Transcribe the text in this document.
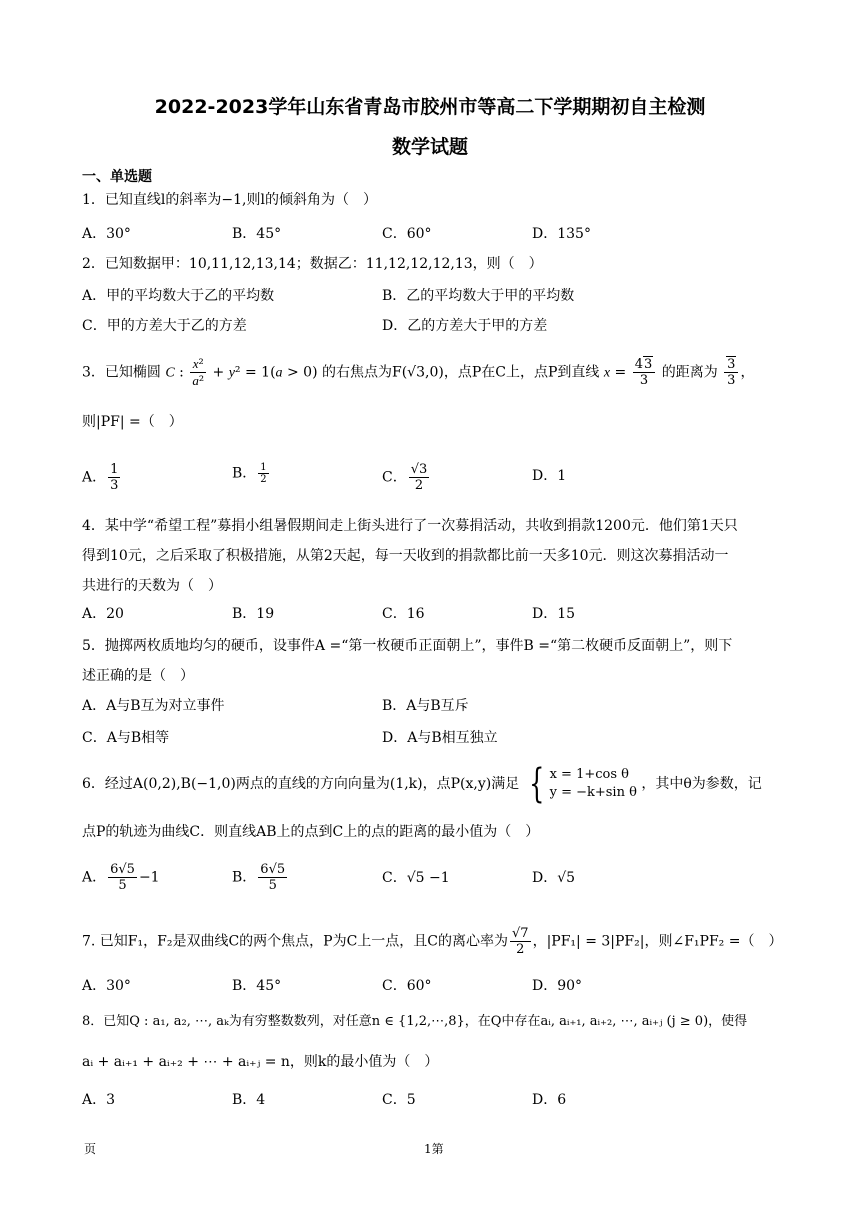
2022-2023学年山东省青岛市胶州市等高二下学期期初自主检测
数学试题
一、单选题
1．已知直线l的斜率为−1,则l的倾斜角为（　）
A．30°	B．45°	C．60°	D．135°
2．已知数据甲：10,11,12,13,14；数据乙：11,12,12,12,13，则（　）
A．甲的平均数大于乙的平均数	B．乙的平均数大于甲的平均数
C．甲的方差大于乙的方差	D．乙的方差大于甲的方差
3．已知椭圆 C : $\frac{\text{x²}}{\text{a²}} + y^2 = 1(a > 0)$ 的右焦点为F(√3,0)，点P在C上，点P到直线 $x = \frac{43}{3}$ 的距离为 $\frac{3}{3}$ ，
则|PF| =（　）
A． $\frac{1}{3}$	B． $\frac{1}{2}$	C． $\frac{√3}{2}$	D．1
4．某中学“希望工程”募捐小组暑假期间走上街头进行了一次募捐活动，共收到捐款1200元．他们第1天只
得到10元，之后采取了积极措施，从第2天起，每一天收到的捐款都比前一天多10元．则这次募捐活动一
共进行的天数为（　）
A．20	B．19	C．16	D．15
5．抛掷两枚质地均匀的硬币，设事件A =“第一枚硬币正面朝上”，事件B =“第二枚硬币反面朝上”，则下
述正确的是（　）
A．A与B互为对立事件	B．A与B互斥
C．A与B相等	D．A与B相互独立
6．经过A(0,2),B(−1,0)两点的直线的方向向量为(1,k)，点P(x,y)满足 { x = 1+cos θ
y = −k+sin θ
，其中θ为参数，记
点P的轨迹为曲线C．则直线AB上的点到C上的点的距离的最小值为（　）
A． $\frac{6√5}{5} -1$	B． $\frac{6√5}{5}$	C．√5 −1	D．√5
7. 已知F₁，F₂是双曲线C的两个焦点，P为C上一点，且C的离心率为 $\frac{√7}{2}$ ，|PF₁| = 3|PF₂|，则∠F₁PF₂ =（　）
A．30°	B．45°	C．60°	D．90°
8．已知Q : a₁, a₂, ⋯, aₖ为有穷整数数列，对任意n ∈ {1,2,⋯,8}，在Q中存在aᵢ, aᵢ₊₁, aᵢ₊₂, ⋯, aᵢ₊ⱼ (j ≥ 0)，使得
aᵢ + aᵢ₊₁ + aᵢ₊₂ + ⋯ + aᵢ₊ⱼ = n，则k的最小值为（　）
A．3	B．4	C．5	D．6
页	1第
